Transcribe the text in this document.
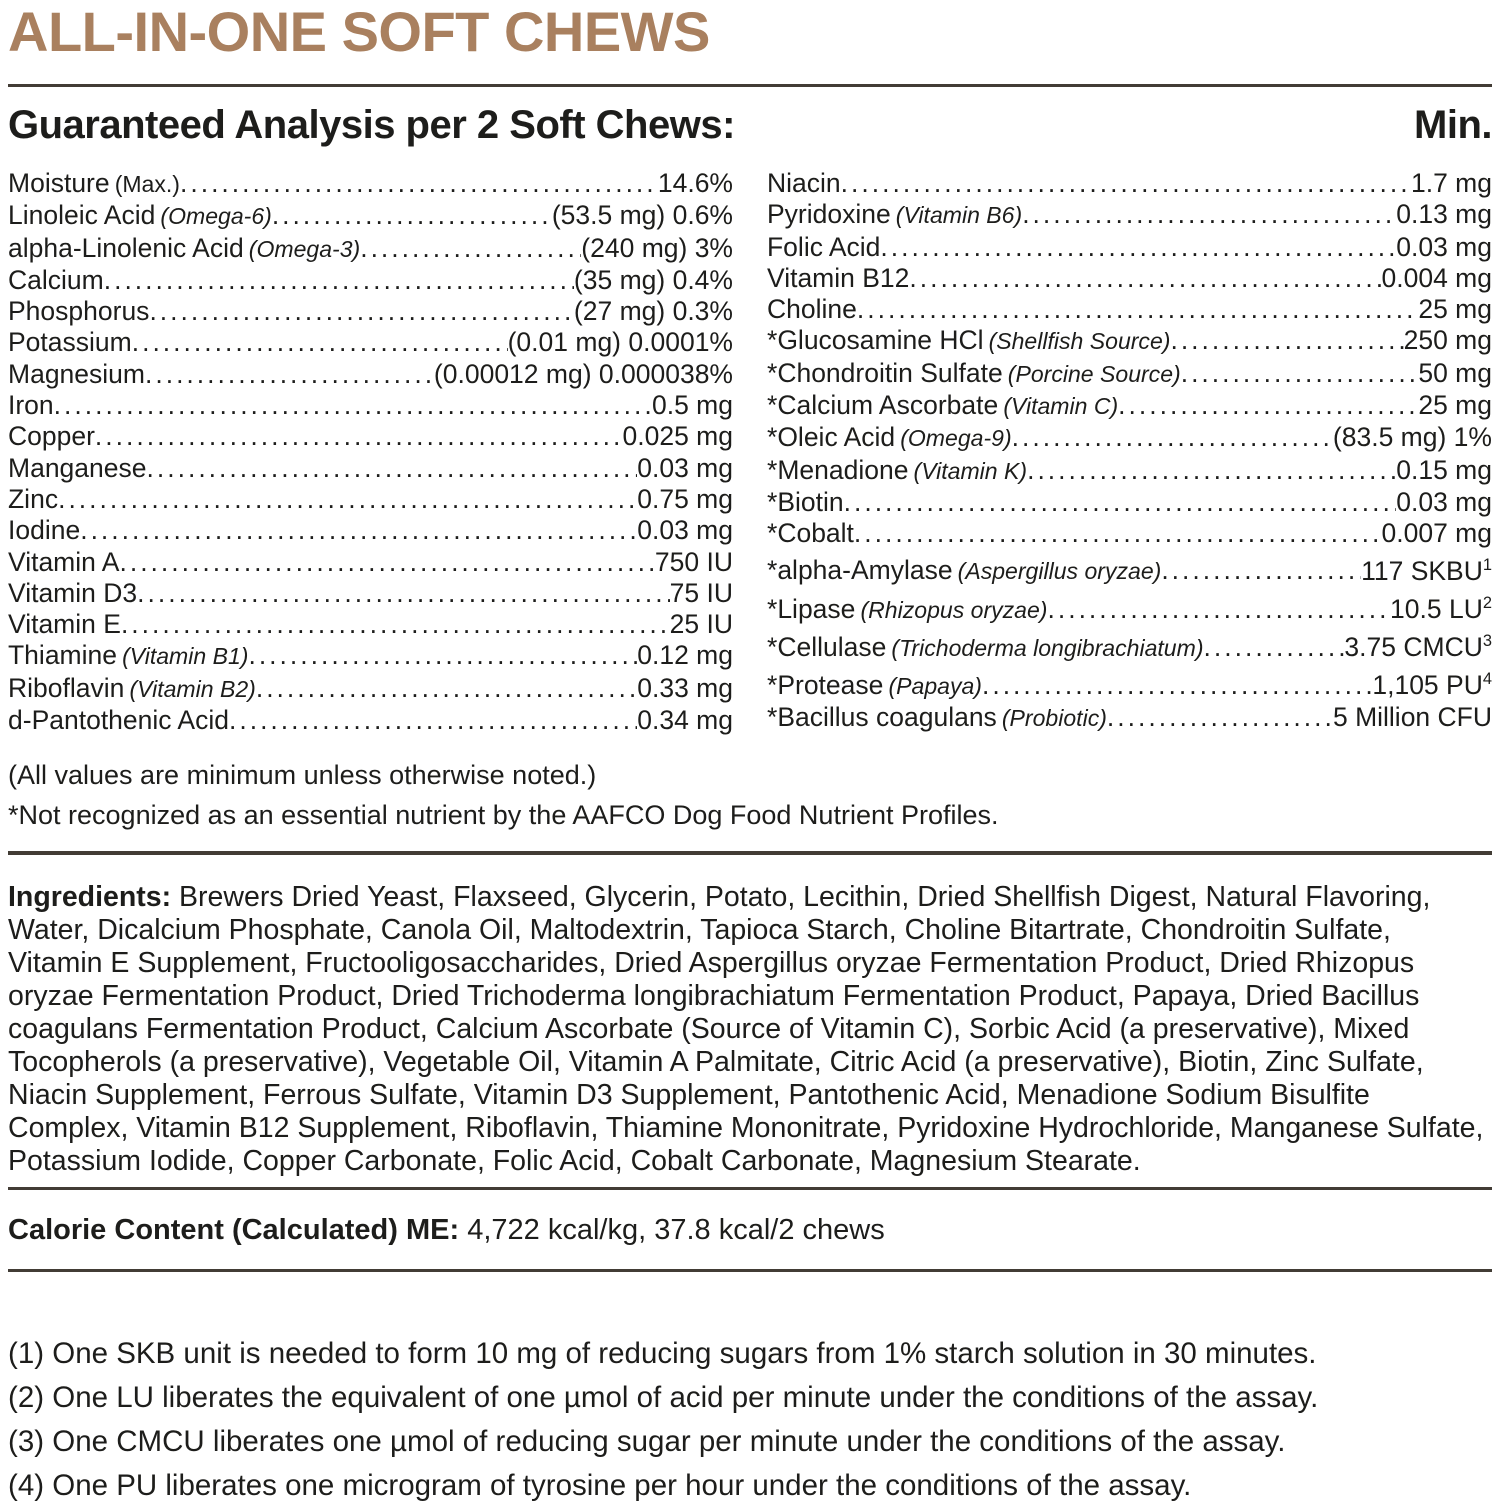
ALL-IN-ONE SOFT CHEWS
Guaranteed Analysis per 2 Soft Chews:	Min.
Moisture (Max.) .....	14.6%
Linoleic Acid (Omega-6) .....	(53.5 mg) 0.6%
alpha-Linolenic Acid (Omega-3) .....	(240 mg) 3%
Calcium .....	(35 mg) 0.4%
Phosphorus .....	(27 mg) 0.3%
Potassium .....	(0.01 mg) 0.0001%
Magnesium .....	(0.00012 mg) 0.000038%
Iron .....	0.5 mg
Copper .....	0.025 mg
Manganese .....	0.03 mg
Zinc .....	0.75 mg
Iodine .....	0.03 mg
Vitamin A .....	750 IU
Vitamin D3 .....	75 IU
Vitamin E .....	25 IU
Thiamine (Vitamin B1) .....	0.12 mg
Riboflavin (Vitamin B2) .....	0.33 mg
d-Pantothenic Acid .....	0.34 mg
Niacin .....	1.7 mg
Pyridoxine (Vitamin B6) .....	0.13 mg
Folic Acid .....	0.03 mg
Vitamin B12 .....	0.004 mg
Choline .....	25 mg
*Glucosamine HCl (Shellfish Source) .....	250 mg
*Chondroitin Sulfate (Porcine Source) .....	50 mg
*Calcium Ascorbate (Vitamin C) .....	25 mg
*Oleic Acid (Omega-9) .....	(83.5 mg) 1%
*Menadione (Vitamin K) .....	0.15 mg
*Biotin .....	0.03 mg
*Cobalt .....	0.007 mg
*alpha-Amylase (Aspergillus oryzae) .....	117 SKBU$^1$
*Lipase (Rhizopus oryzae) .....	10.5 $LU^2$
*Cellulase (Trichoderma longibrachiatum) .....	3.75 CMCU$^3$
*Protease (Papaya) .....	1,105 $PU^4$
*Bacillus coagulans (Probiotic) .....	5 Million CFU
(All values are minimum unless otherwise noted.)
*Not recognized as an essential nutrient by the AAFCO Dog Food Nutrient Profiles.
Ingredients: Brewers Dried Yeast, Flaxseed, Glycerin, Potato, Lecithin, Dried Shellfish Digest, Natural Flavoring, Water, Dicalcium Phosphate, Canola Oil, Maltodextrin, Tapioca Starch, Choline Bitartrate, Chondroitin Sulfate, Vitamin E Supplement, Fructooligosaccharides, Dried Aspergillus oryzae Fermentation Product, Dried Rhizopus oryzae Fermentation Product, Dried Trichoderma longibrachiatum Fermentation Product, Papaya, Dried Bacillus coagulans Fermentation Product, Calcium Ascorbate (Source of Vitamin C), Sorbic Acid (a preservative), Mixed Tocopherols (a preservative), Vegetable Oil, Vitamin A Palmitate, Citric Acid (a preservative), Biotin, Zinc Sulfate, Niacin Supplement, Ferrous Sulfate, Vitamin D3 Supplement, Pantothenic Acid, Menadione Sodium Bisulfite Complex, Vitamin B12 Supplement, Riboflavin, Thiamine Mononitrate, Pyridoxine Hydrochloride, Manganese Sulfate, Potassium Iodide, Copper Carbonate, Folic Acid, Cobalt Carbonate, Magnesium Stearate.
Calorie Content (Calculated) ME: 4,722 kcal/kg, 37.8 kcal/2 chews
(1) One SKB unit is needed to form 10 mg of reducing sugars from 1% starch solution in 30 minutes.
(2) One LU liberates the equivalent of one µmol of acid per minute under the conditions of the assay.
(3) One CMCU liberates one µmol of reducing sugar per minute under the conditions of the assay.
(4) One PU liberates one microgram of tyrosine per hour under the conditions of the assay.
